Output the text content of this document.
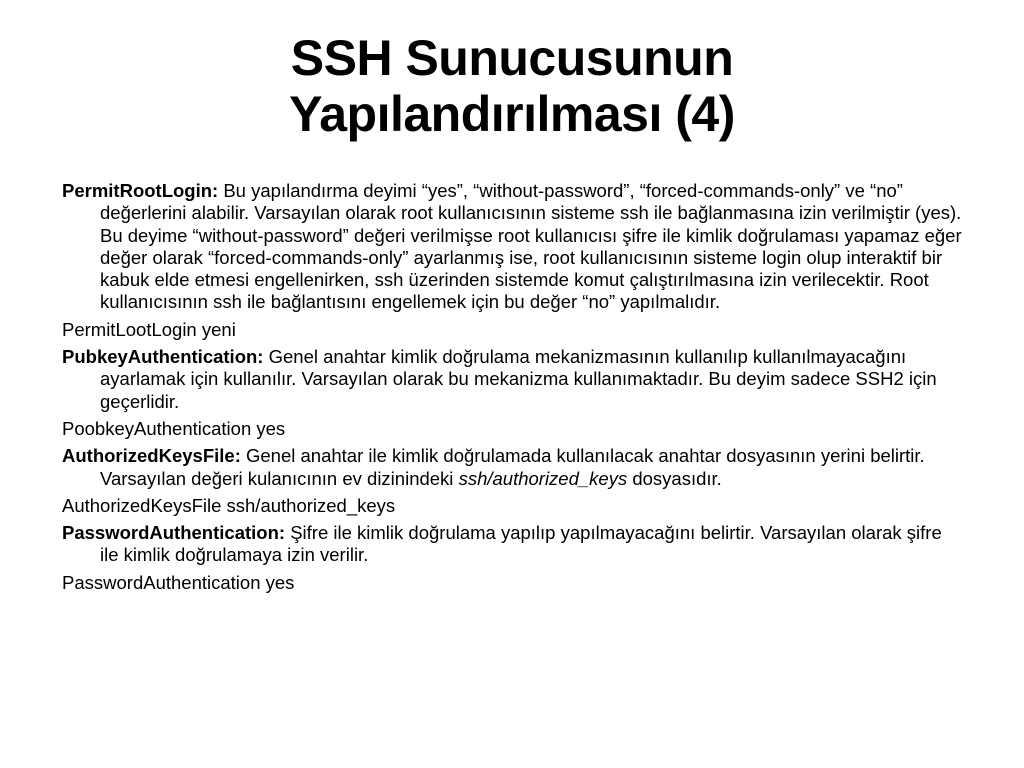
SSH Sunucusunun
Yapılandırılması (4)

PermitRootLogin: Bu yapılandırma deyimi “yes”, “without-password”, “forced-commands-only” ve “no” değerlerini alabilir. Varsayılan olarak root kullanıcısının sisteme ssh ile bağlanmasına izin verilmiştir (yes). Bu deyime “without-password” değeri verilmişse root kullanıcısı şifre ile kimlik doğrulaması yapamaz eğer değer olarak “forced-commands-only” ayarlanmış ise, root kullanıcısının sisteme login olup interaktif bir kabuk elde etmesi engellenirken, ssh üzerinden sistemde komut çalıştırılmasına izin verilecektir. Root kullanıcısının ssh ile bağlantısını engellemek için bu değer “no” yapılmalıdır.

PermitLootLogin yeni

PubkeyAuthentication: Genel anahtar kimlik doğrulama mekanizmasının kullanılıp kullanılmayacağını ayarlamak için kullanılır. Varsayılan olarak bu mekanizma kullanımaktadır. Bu deyim sadece SSH2 için geçerlidir.

PoobkeyAuthentication yes

AuthorizedKeysFile: Genel anahtar ile kimlik doğrulamada kullanılacak anahtar dosyasının yerini belirtir. Varsayılan değeri kulanıcının ev dizinindeki ssh/authorized_keys dosyasıdır.

AuthorizedKeysFile ssh/authorized_keys

PasswordAuthentication: Şifre ile kimlik doğrulama yapılıp yapılmayacağını belirtir. Varsayılan olarak şifre ile kimlik doğrulamaya izin verilir.

PasswordAuthentication yes
